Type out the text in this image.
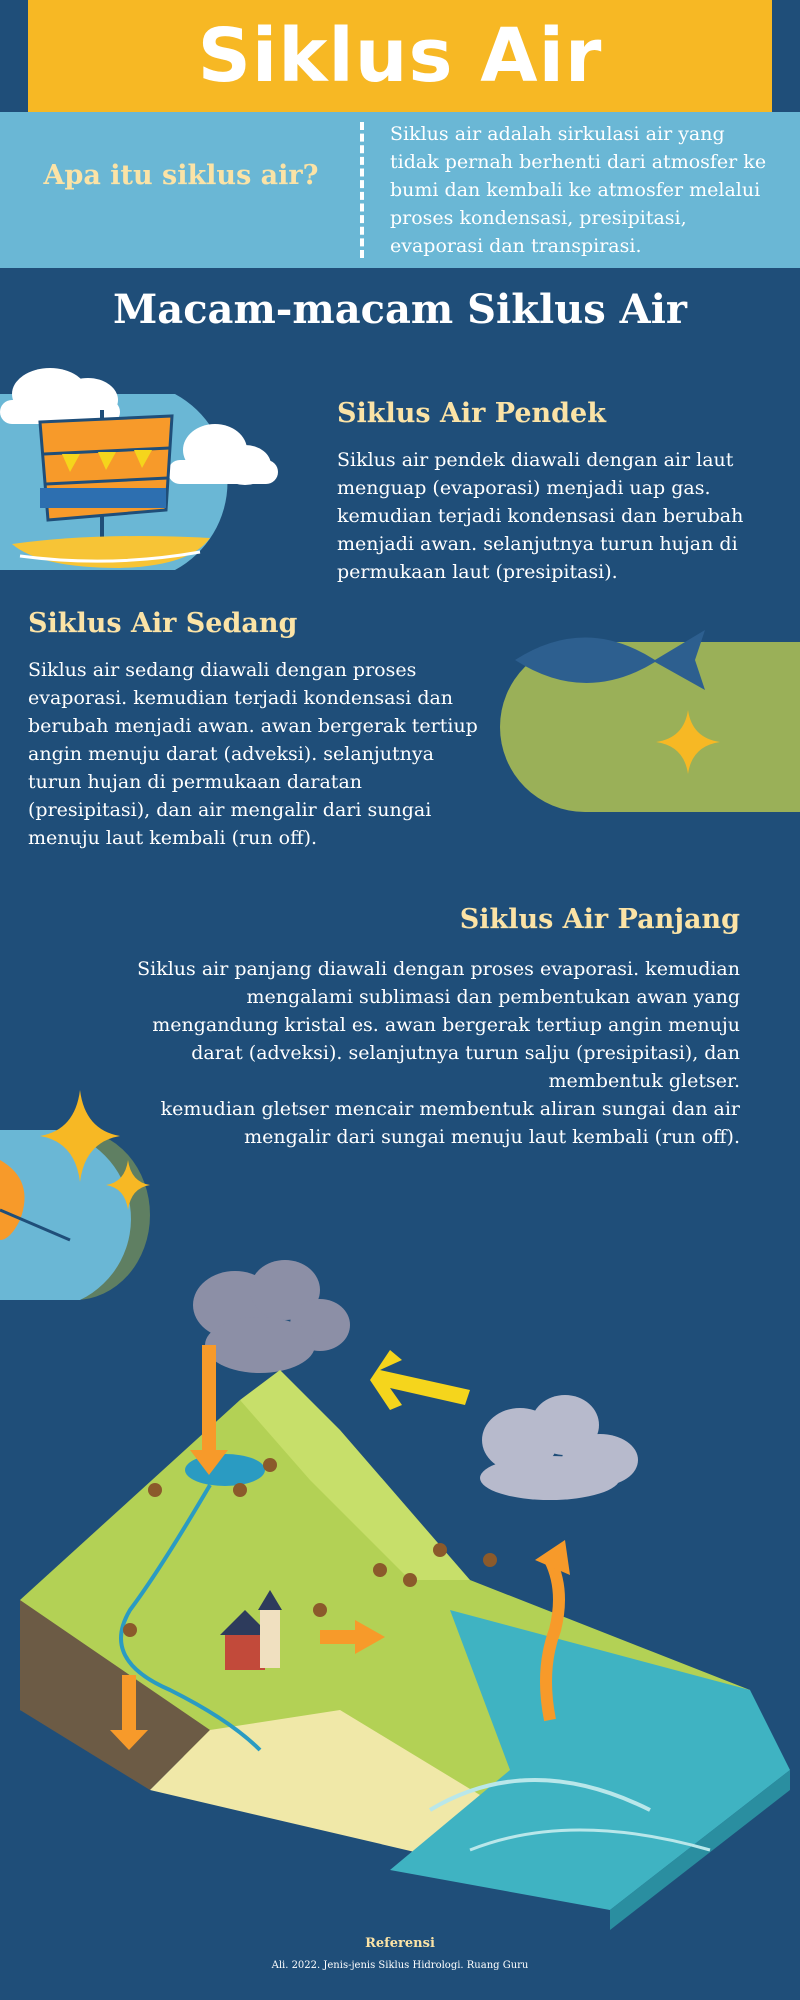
Siklus Air
Apa itu siklus air?
Siklus air adalah sirkulasi air yang tidak pernah berhenti dari atmosfer ke bumi dan kembali ke atmosfer melalui proses kondensasi, presipitasi, evaporasi dan transpirasi.
Macam-macam Siklus Air
Siklus Air Pendek
Siklus air pendek diawali dengan air laut menguap (evaporasi) menjadi uap gas. kemudian terjadi kondensasi dan berubah menjadi awan. selanjutnya turun hujan di permukaan laut (presipitasi).
Siklus Air Sedang
Siklus air sedang diawali dengan proses evaporasi. kemudian terjadi kondensasi dan berubah menjadi awan. awan bergerak tertiup angin menuju darat (adveksi). selanjutnya turun hujan di permukaan daratan (presipitasi), dan air mengalir dari sungai menuju laut kembali (run off).
Siklus Air Panjang
Siklus air panjang diawali dengan proses evaporasi. kemudian mengalami sublimasi dan pembentukan awan yang mengandung kristal es. awan bergerak tertiup angin menuju darat (adveksi). selanjutnya turun salju (presipitasi), dan membentuk gletser.
kemudian gletser mencair membentuk aliran sungai dan air mengalir dari sungai menuju laut kembali (run off).
Referensi
Ali. 2022. Jenis-jenis Siklus Hidrologi. Ruang Guru
